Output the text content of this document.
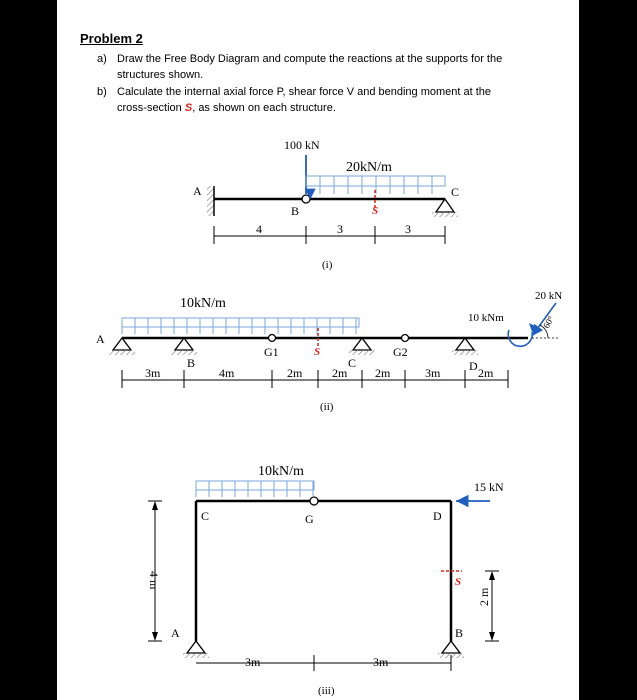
Problem 2
a) Draw the Free Body Diagram and compute the reactions at the supports for the
structures shown.
b) Calculate the internal axial force P, shear force V and bending moment at the
cross-section S, as shown on each structure.
100 kN
20kN/m
A
B
C
S
4	3	3
(i)
10kN/m
10 kNm
20 kN
60°
A
B
G1	S
C
G2
D
3m	4m	2m 2m 2m	3m	2m
(ii)
10kN/m
15 kN
C	G	D
A	B
S
4 m
2 m
3m	3m
(iii)
